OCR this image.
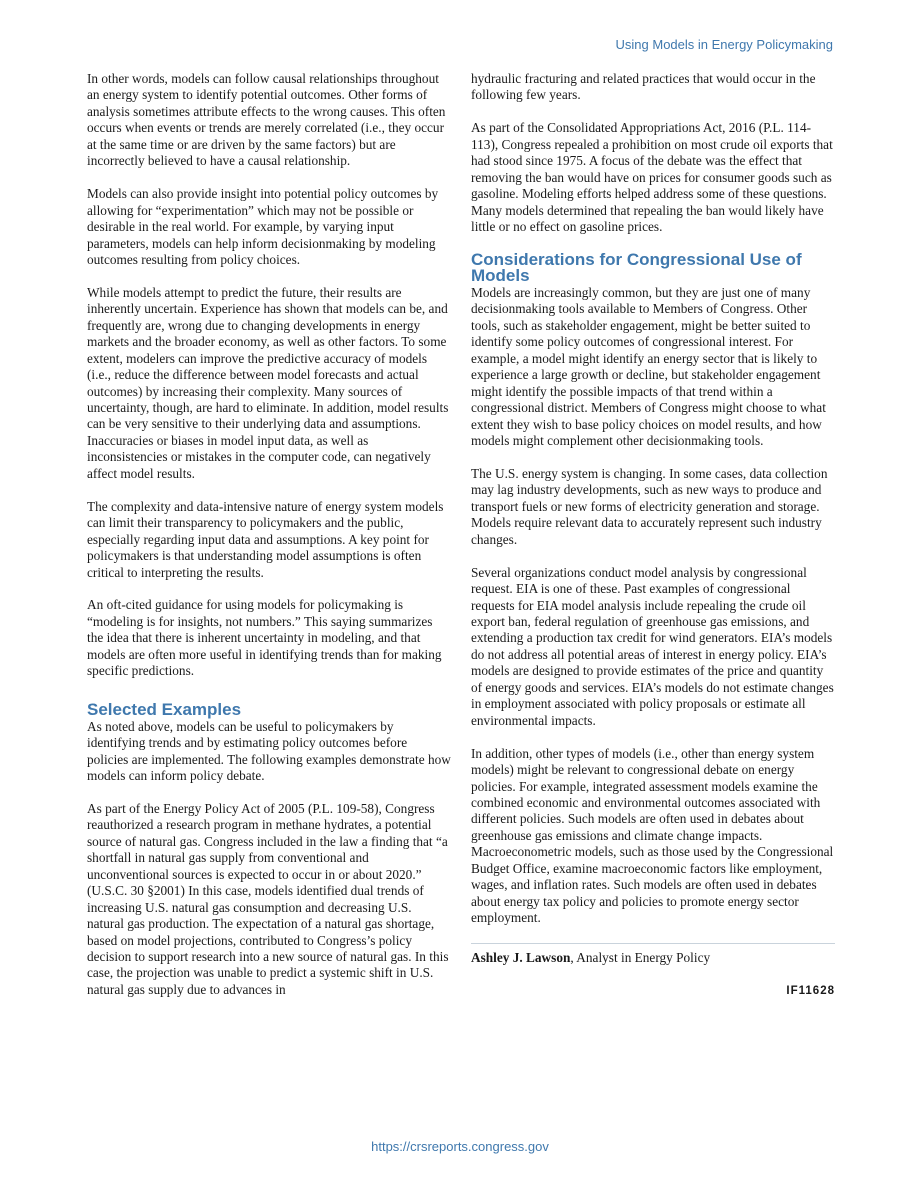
Using Models in Energy Policymaking

In other words, models can follow causal relationships throughout an energy system to identify potential outcomes. Other forms of analysis sometimes attribute effects to the wrong causes. This often occurs when events or trends are merely correlated (i.e., they occur at the same time or are driven by the same factors) but are incorrectly believed to have a causal relationship.

Models can also provide insight into potential policy outcomes by allowing for “experimentation” which may not be possible or desirable in the real world. For example, by varying input parameters, models can help inform decisionmaking by modeling outcomes resulting from policy choices.

While models attempt to predict the future, their results are inherently uncertain. Experience has shown that models can be, and frequently are, wrong due to changing developments in energy markets and the broader economy, as well as other factors. To some extent, modelers can improve the predictive accuracy of models (i.e., reduce the difference between model forecasts and actual outcomes) by increasing their complexity. Many sources of uncertainty, though, are hard to eliminate. In addition, model results can be very sensitive to their underlying data and assumptions. Inaccuracies or biases in model input data, as well as inconsistencies or mistakes in the computer code, can negatively affect model results.

The complexity and data-intensive nature of energy system models can limit their transparency to policymakers and the public, especially regarding input data and assumptions. A key point for policymakers is that understanding model assumptions is often critical to interpreting the results.

An oft-cited guidance for using models for policymaking is “modeling is for insights, not numbers.” This saying summarizes the idea that there is inherent uncertainty in modeling, and that models are often more useful in identifying trends than for making specific predictions.

Selected Examples

As noted above, models can be useful to policymakers by identifying trends and by estimating policy outcomes before policies are implemented. The following examples demonstrate how models can inform policy debate.

As part of the Energy Policy Act of 2005 (P.L. 109-58), Congress reauthorized a research program in methane hydrates, a potential source of natural gas. Congress included in the law a finding that “a shortfall in natural gas supply from conventional and unconventional sources is expected to occur in or about 2020.” (U.S.C. 30 §2001) In this case, models identified dual trends of increasing U.S. natural gas consumption and decreasing U.S. natural gas production. The expectation of a natural gas shortage, based on model projections, contributed to Congress’s policy decision to support research into a new source of natural gas. In this case, the projection was unable to predict a systemic shift in U.S. natural gas supply due to advances in

hydraulic fracturing and related practices that would occur in the following few years.

As part of the Consolidated Appropriations Act, 2016 (P.L. 114-113), Congress repealed a prohibition on most crude oil exports that had stood since 1975. A focus of the debate was the effect that removing the ban would have on prices for consumer goods such as gasoline. Modeling efforts helped address some of these questions. Many models determined that repealing the ban would likely have little or no effect on gasoline prices.

Considerations for Congressional Use of Models

Models are increasingly common, but they are just one of many decisionmaking tools available to Members of Congress. Other tools, such as stakeholder engagement, might be better suited to identify some policy outcomes of congressional interest. For example, a model might identify an energy sector that is likely to experience a large growth or decline, but stakeholder engagement might identify the possible impacts of that trend within a congressional district. Members of Congress might choose to what extent they wish to base policy choices on model results, and how models might complement other decisionmaking tools.

The U.S. energy system is changing. In some cases, data collection may lag industry developments, such as new ways to produce and transport fuels or new forms of electricity generation and storage. Models require relevant data to accurately represent such industry changes.

Several organizations conduct model analysis by congressional request. EIA is one of these. Past examples of congressional requests for EIA model analysis include repealing the crude oil export ban, federal regulation of greenhouse gas emissions, and extending a production tax credit for wind generators. EIA’s models do not address all potential areas of interest in energy policy. EIA’s models are designed to provide estimates of the price and quantity of energy goods and services. EIA’s models do not estimate changes in employment associated with policy proposals or estimate all environmental impacts.

In addition, other types of models (i.e., other than energy system models) might be relevant to congressional debate on energy policies. For example, integrated assessment models examine the combined economic and environmental outcomes associated with different policies. Such models are often used in debates about greenhouse gas emissions and climate change impacts. Macroeconometric models, such as those used by the Congressional Budget Office, examine macroeconomic factors like employment, wages, and inflation rates. Such models are often used in debates about energy tax policy and policies to promote energy sector employment.

Ashley J. Lawson, Analyst in Energy Policy

IF11628
https://crsreports.congress.gov
